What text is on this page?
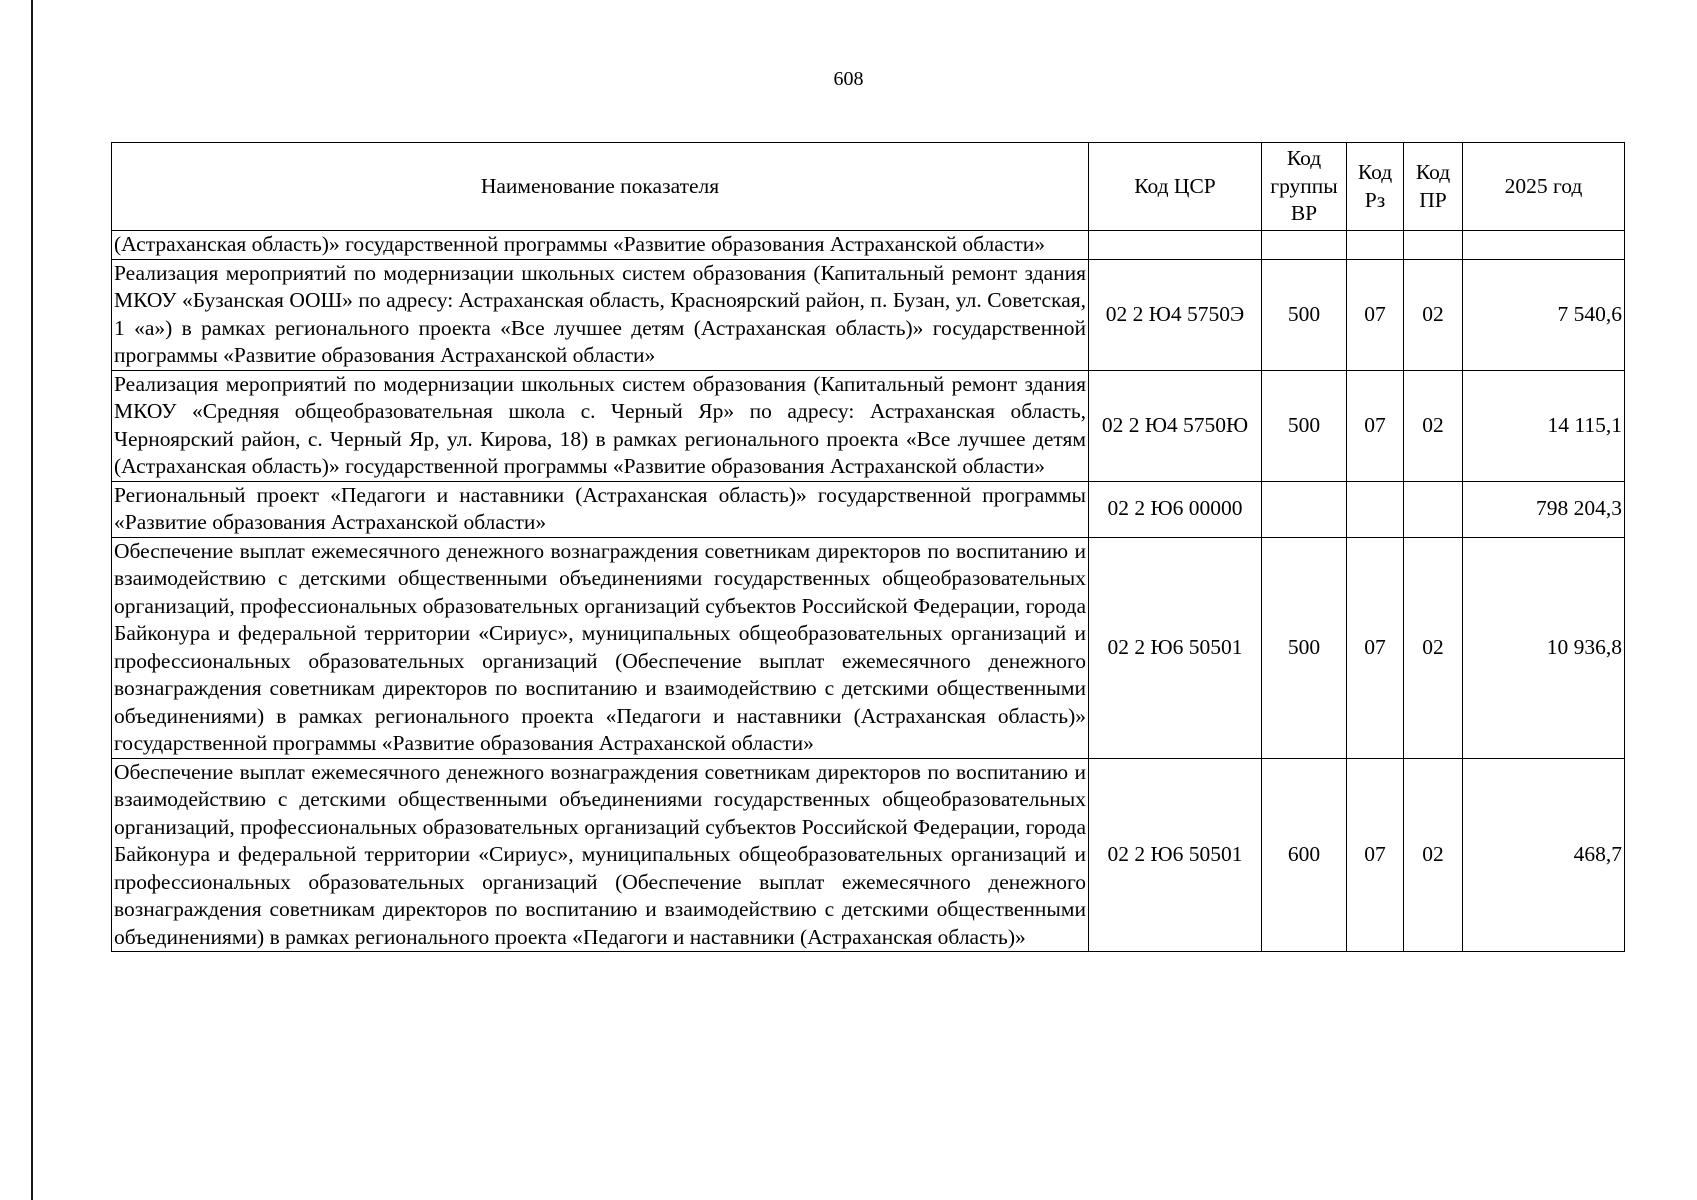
608
Наименование показателя	Код ЦСР	Код группы ВР	Код Рз	Код ПР	2025 год
(Астраханская область)» государственной программы «Развитие образования Астраханской области»					
Реализация мероприятий по модернизации школьных систем образования (Капитальный ремонт здания МКОУ «Бузанская ООШ» по адресу: Астраханская область, Красноярский район, п. Бузан, ул. Советская, 1 «а») в рамках регионального проекта «Все лучшее детям (Астраханская область)» государственной программы «Развитие образования Астраханской области»	02 2 Ю4 5750Э	500	07	02	7 540,6
Реализация мероприятий по модернизации школьных систем образования (Капитальный ремонт здания МКОУ «Средняя общеобразовательная школа с. Черный Яр» по адресу: Астраханская область, Черноярский район, с. Черный Яр, ул. Кирова, 18) в рамках регионального проекта «Все лучшее детям (Астраханская область)» государственной программы «Развитие образования Астраханской области»	02 2 Ю4 5750Ю	500	07	02	14 115,1
Региональный проект «Педагоги и наставники (Астраханская область)» государственной программы «Развитие образования Астраханской области»	02 2 Ю6 00000				798 204,3
Обеспечение выплат ежемесячного денежного вознаграждения советникам директоров по воспитанию и взаимодействию с детскими общественными объединениями государственных общеобразовательных организаций, профессиональных образовательных организаций субъектов Российской Федерации, города Байконура и федеральной территории «Сириус», муниципальных общеобразовательных организаций и профессиональных образовательных организаций (Обеспечение выплат ежемесячного денежного вознаграждения советникам директоров по воспитанию и взаимодействию с детскими общественными объединениями) в рамках регионального проекта «Педагоги и наставники (Астраханская область)» государственной программы «Развитие образования Астраханской области»	02 2 Ю6 50501	500	07	02	10 936,8
Обеспечение выплат ежемесячного денежного вознаграждения советникам директоров по воспитанию и взаимодействию с детскими общественными объединениями государственных общеобразовательных организаций, профессиональных образовательных организаций субъектов Российской Федерации, города Байконура и федеральной территории «Сириус», муниципальных общеобразовательных организаций и профессиональных образовательных организаций (Обеспечение выплат ежемесячного денежного вознаграждения советникам директоров по воспитанию и взаимодействию с детскими общественными объединениями) в рамках регионального проекта «Педагоги и наставники (Астраханская область)»	02 2 Ю6 50501	600	07	02	468,7
